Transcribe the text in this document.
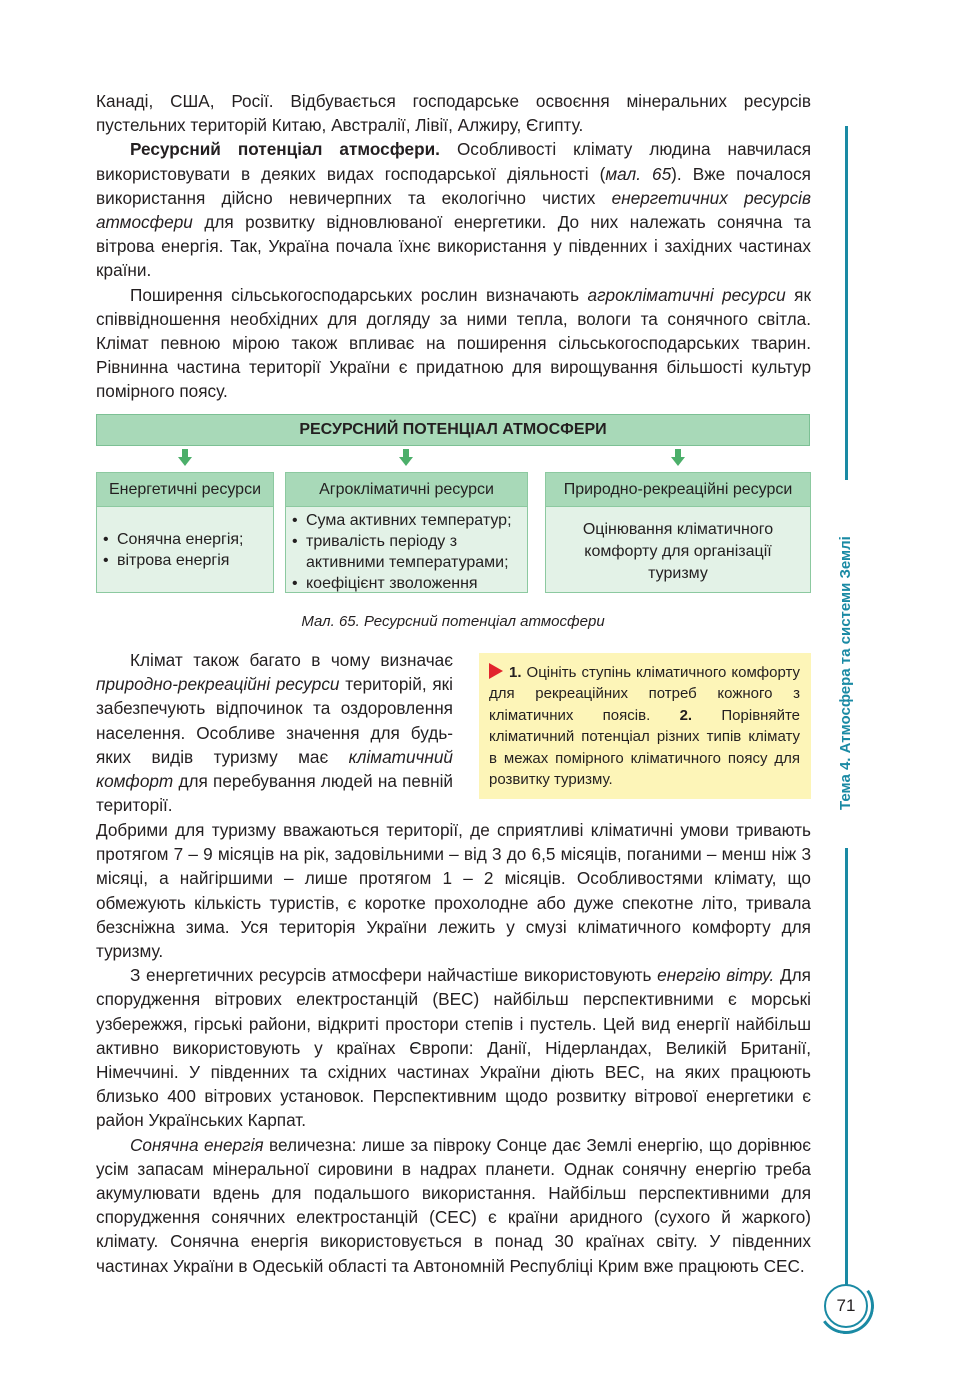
Канаді, США, Росії. Відбувається господарське освоєння мінеральних ресурсів пустельних територій Китаю, Австралії, Лівії, Алжиру, Єгипту.

Ресурсний потенціал атмосфери. Особливості клімату людина навчилася використовувати в деяких видах господарської діяльності (мал. 65). Вже почалося використання дійсно невичерпних та екологічно чистих енергетичних ресурсів атмосфери для розвитку відновлюваної енергетики. До них належать сонячна та вітрова енергія. Так, Україна почала їхнє використання у південних і західних частинах країни.

Поширення сільськогосподарських рослин визначають агрокліматичні ресурси як співвідношення необхідних для догляду за ними тепла, вологи та сонячного світла. Клімат певною мірою також впливає на поширення сільськогосподарських тварин. Рівнинна частина території України є придатною для вирощування більшості культур помірного поясу.

РЕСУРСНИЙ ПОТЕНЦІАЛ АТМОСФЕРИ
Енергетичні ресурси
• Сонячна енергія;
• вітрова енергія
Агрокліматичні ресурси
• Сума активних температур;
• тривалість періоду з активними температурами;
• коефіцієнт зволоження
Природно-рекреаційні ресурси
Оцінювання кліматичного комфорту для організації туризму
Мал. 65. Ресурсний потенціал атмосфери
1. Оцініть ступінь кліматичного комфорту для рекреаційних потреб кожного з кліматичних поясів. 2. Порівняйте кліматичний потенціал різних типів клімату в межах помірного кліматичного поясу для розвитку туризму.

Клімат також багато в чому визначає природно-рекреаційні ресурси територій, які забезпечують відпочинок та оздоровлення населення. Особливе значення для будь-яких видів туризму має кліматичний комфорт для перебування людей на певній території.

Добрими для туризму вважаються території, де сприятливі кліматичні умови тривають протягом 7 – 9 місяців на рік, задовільними – від 3 до 6,5 місяців, поганими – менш ніж 3 місяці, а найгіршими – лише протягом 1 – 2 місяців. Особливостями клімату, що обмежують кількість туристів, є коротке прохолодне або дуже спекотне літо, тривала безсніжна зима. Уся територія України лежить у смузі кліматичного комфорту для туризму.

З енергетичних ресурсів атмосфери найчастіше використовують енергію вітру. Для спорудження вітрових електростанцій (ВЕС) найбільш перспективними є морські узбережжя, гірські райони, відкриті простори степів і пустель. Цей вид енергії найбільш активно використовують у країнах Європи: Данії, Нідерландах, Великій Британії, Німеччині. У південних та східних частинах України діють ВЕС, на яких працюють близько 400 вітрових установок. Перспективним щодо розвитку вітрової енергетики є район Українських Карпат.

Сонячна енергія величезна: лише за півроку Сонце дає Землі енергію, що дорівнює усім запасам мінеральної сировини в надрах планети. Однак сонячну енергію треба акумулювати вдень для подальшого використання. Найбільш перспективними для спорудження сонячних електростанцій (СЕС) є країни аридного (сухого й жаркого) клімату. Сонячна енергія використовується в понад 30 країнах світу. У південних частинах України в Одеській області та Автономній Республіці Крим вже працюють СЕС.

Тема 4. Атмосфера та системи Землі
71
